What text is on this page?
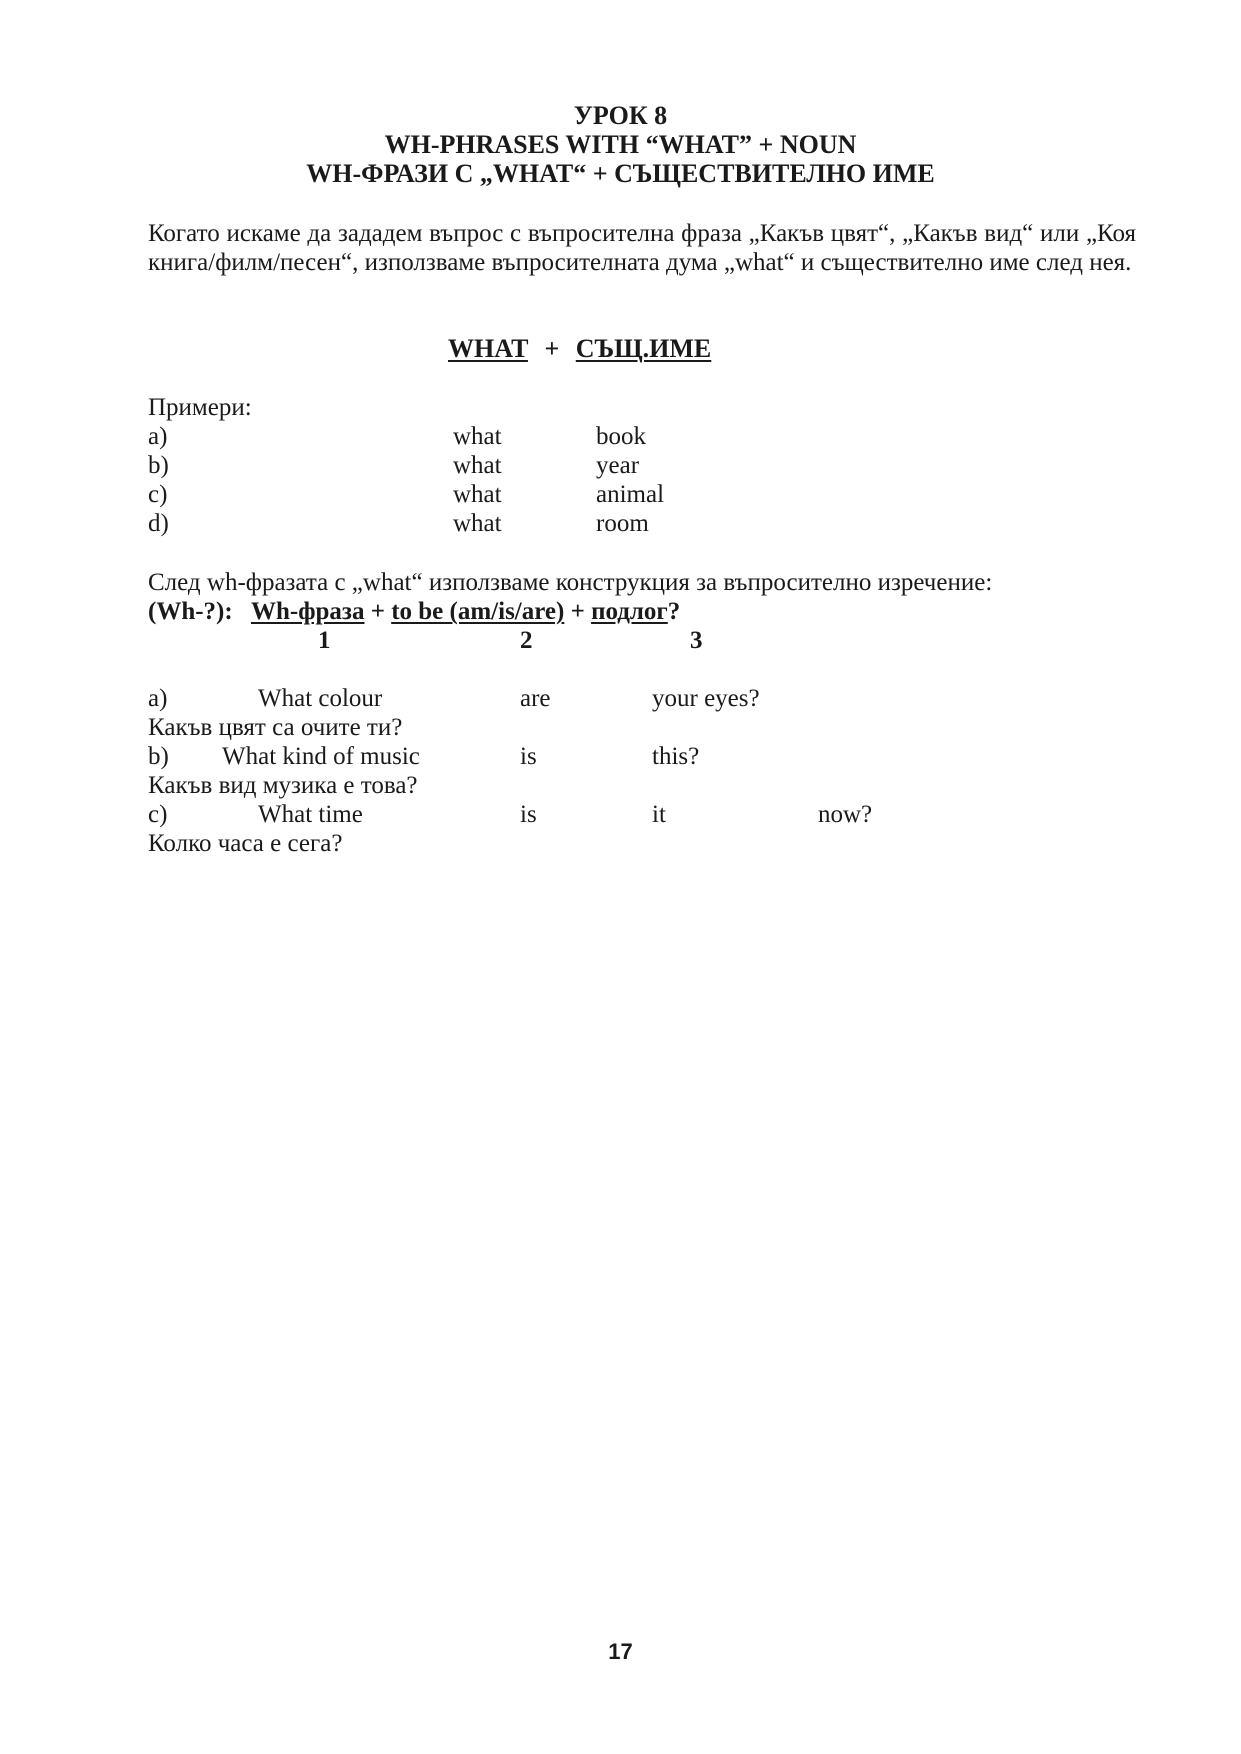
УРОК 8
WH-PHRASES WITH “WHAT” + NOUN
WH-ФРАЗИ С „WHAT“ + СЪЩЕСТВИТЕЛНО ИМЕ
Когато искаме да зададем въпрос с въпросителна фраза „Какъв цвят“, „Какъв вид“ или „Коя книга/филм/песен“, използваме въпросителната дума „what“ и съществително име след нея.
WHAT + СЪЩ.ИМЕ
Примери:
a)	what	book
b)	what	year
c)	what	animal
d)	what	room
След wh-фразата с „what“ използваме конструкция за въпросително изречение:
(Wh-?): Wh-фраза + to be (am/is/are) + подлог?
1	2	3
a)	What colour	are	your eyes?
Какъв цвят са очите ти?
b) What kind of music	is	this?
Какъв вид музика е това?
c)	What time	is	it	now?
Колко часа е сега?
17
